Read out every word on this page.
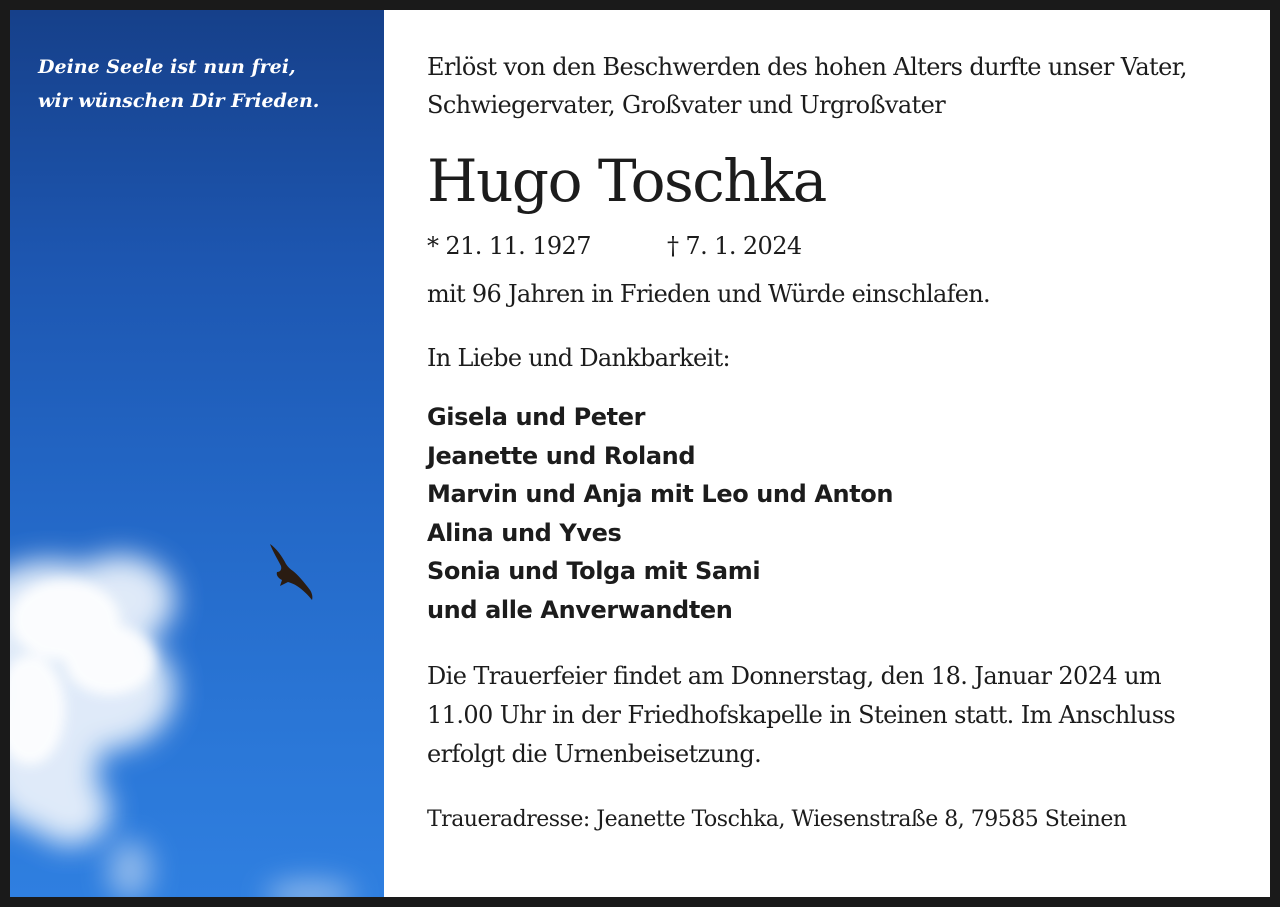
Deine Seele ist nun frei,
wir wünschen Dir Frieden.

Erlöst von den Beschwerden des hohen Alters durfte unser Vater,
Schwiegervater, Großvater und Urgroßvater

Hugo Toschka

* 21. 11. 1927	† 7. 1. 2024

mit 96 Jahren in Frieden und Würde einschlafen.

In Liebe und Dankbarkeit:

Gisela und Peter
Jeanette und Roland
Marvin und Anja mit Leo und Anton
Alina und Yves
Sonia und Tolga mit Sami
und alle Anverwandten

Die Trauerfeier findet am Donnerstag, den 18. Januar 2024 um
11.00 Uhr in der Friedhofskapelle in Steinen statt. Im Anschluss
erfolgt die Urnenbeisetzung.

Traueradresse: Jeanette Toschka, Wiesenstraße 8, 79585 Steinen
